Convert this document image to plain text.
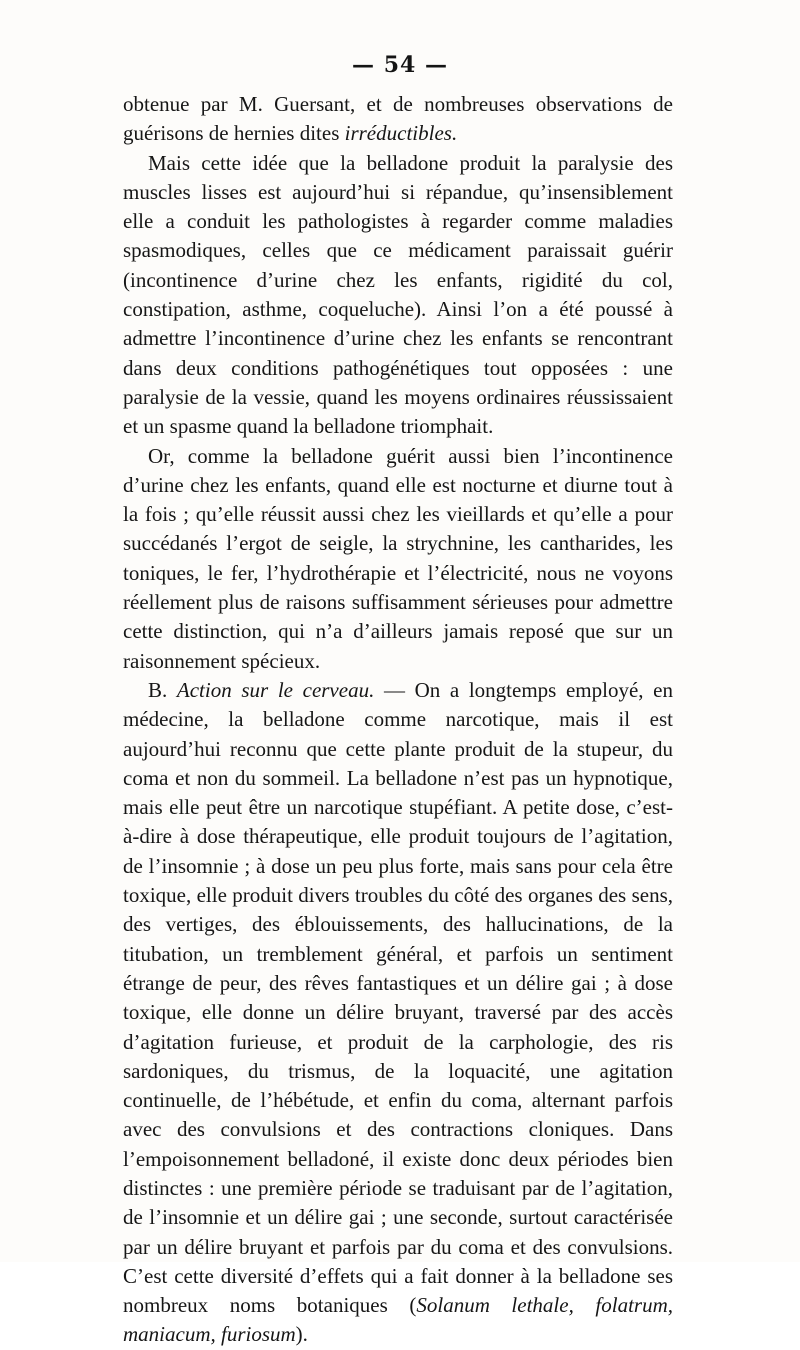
— 54 —

obtenue par M. Guersant, et de nombreuses observations de guérisons de hernies dites irréductibles.

Mais cette idée que la belladone produit la paralysie des muscles lisses est aujourd’hui si répandue, qu’insensiblement elle a conduit les pathologistes à regarder comme maladies spasmodiques, celles que ce médicament paraissait guérir (incontinence d’urine chez les enfants, rigidité du col, constipation, asthme, coqueluche). Ainsi l’on a été poussé à admettre l’incontinence d’urine chez les enfants se rencontrant dans deux conditions pathogénétiques tout opposées : une paralysie de la vessie, quand les moyens ordinaires réussissaient et un spasme quand la belladone triomphait.

Or, comme la belladone guérit aussi bien l’incontinence d’urine chez les enfants, quand elle est nocturne et diurne tout à la fois ; qu’elle réussit aussi chez les vieillards et qu’elle a pour succédanés l’ergot de seigle, la strychnine, les cantharides, les toniques, le fer, l’hydrothérapie et l’électricité, nous ne voyons réellement plus de raisons suffisamment sérieuses pour admettre cette distinction, qui n’a d’ailleurs jamais reposé que sur un raisonnement spécieux.

B. Action sur le cerveau. — On a longtemps employé, en médecine, la belladone comme narcotique, mais il est aujourd’hui reconnu que cette plante produit de la stupeur, du coma et non du sommeil. La belladone n’est pas un hypnotique, mais elle peut être un narcotique stupéfiant. A petite dose, c’est-à-dire à dose thérapeutique, elle produit toujours de l’agitation, de l’insomnie ; à dose un peu plus forte, mais sans pour cela être toxique, elle produit divers troubles du côté des organes des sens, des vertiges, des éblouissements, des hallucinations, de la titubation, un tremblement général, et parfois un sentiment étrange de peur, des rêves fantastiques et un délire gai ; à dose toxique, elle donne un délire bruyant, traversé par des accès d’agitation furieuse, et produit de la carphologie, des ris sardoniques, du trismus, de la loquacité, une agitation continuelle, de l’hébétude, et enfin du coma, alternant parfois avec des convulsions et des contractions cloniques. Dans l’empoisonnement belladoné, il existe donc deux périodes bien distinctes : une première période se traduisant par de l’agitation, de l’insomnie et un délire gai ; une seconde, surtout caractérisée par un délire bruyant et parfois par du coma et des convulsions. C’est cette diversité d’effets qui a fait donner à la belladone ses nombreux noms botaniques (Solanum lethale, folatrum, maniacum, furiosum).
